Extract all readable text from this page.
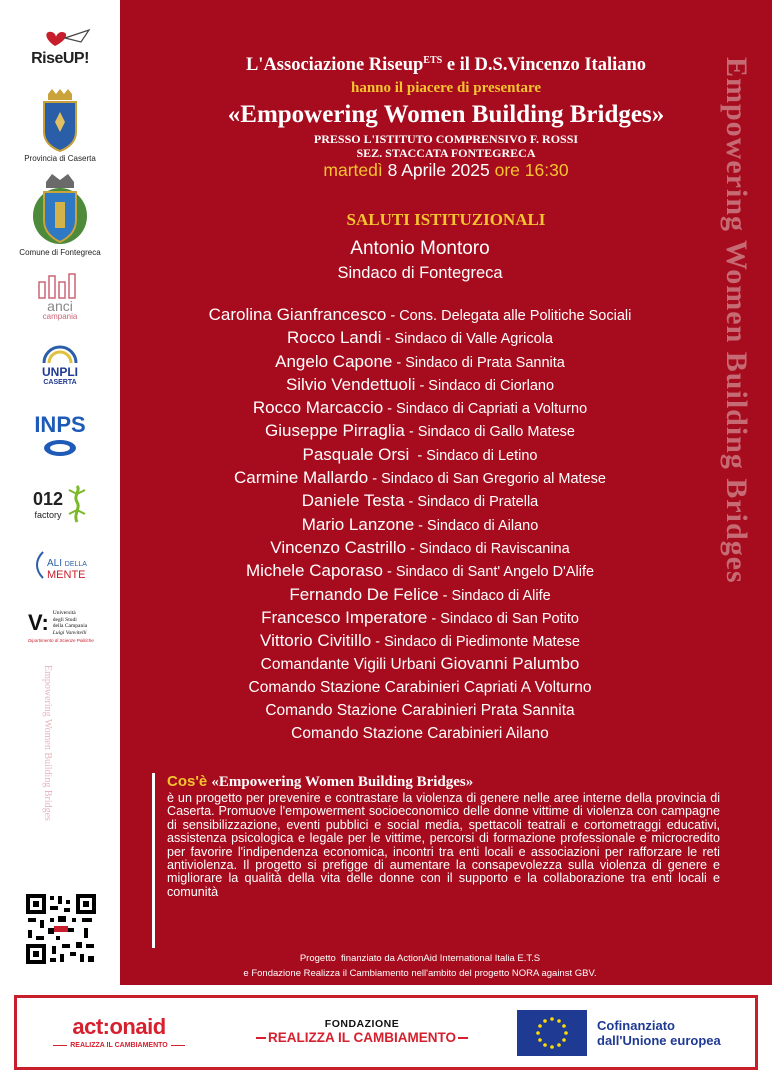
RiseUP!
Provincia di Caserta
Comune di Fontegreca
anci
campania
UNPLI
CASERTA
INPS
012
factory
ALI DELLA
MENTE
V: Università
degli Studi
della Campania
Luigi Vanvitelli
Dipartimento di Scienze Politiche
Empowering Women Building Bridges
L'Associazione Riseup$^{ETS}$ e il D.S.Vincenzo Italiano
hanno il piacere di presentare
«Empowering Women Building Bridges»
PRESSO L'ISTITUTO COMPRENSIVO F. ROSSI
SEZ. STACCATA FONTEGRECA
martedì 8 Aprile 2025 ore 16:30
SALUTI ISTITUZIONALI
Antonio Montoro
Sindaco di Fontegreca
Carolina Gianfrancesco - Cons. Delegata alle Politiche Sociali
Rocco Landi - Sindaco di Valle Agricola
Angelo Capone - Sindaco di Prata Sannita
Silvio Vendettuoli - Sindaco di Ciorlano
Rocco Marcaccio - Sindaco di Capriati a Volturno
Giuseppe Pirraglia - Sindaco di Gallo Matese
Pasquale Orsi  - Sindaco di Letino
Carmine Mallardo - Sindaco di San Gregorio al Matese
Daniele Testa - Sindaco di Pratella
Mario Lanzone - Sindaco di Ailano
Vincenzo Castrillo - Sindaco di Raviscanina
Michele Caporaso - Sindaco di Sant' Angelo D'Alife
Fernando De Felice - Sindaco di Alife
Francesco Imperatore - Sindaco di San Potito
Vittorio Civitillo - Sindaco di Piedimonte Matese
Comandante Vigili Urbani Giovanni Palumbo
Comando Stazione Carabinieri Capriati A Volturno
Comando Stazione Carabinieri Prata Sannita
Comando Stazione Carabinieri Ailano
Cos'è «Empowering Women Building Bridges»

è un progetto per prevenire e contrastare la violenza di genere nelle aree interne della provincia di Caserta. Promuove l'empowerment socioeconomico delle donne vittime di violenza con campagne di sensibilizzazione, eventi pubblici e social media, spettacoli teatrali e cortometraggi educativi, assistenza psicologica e legale per le vittime, percorsi di formazione professionale e microcredito per favorire l'indipendenza economica, incontri tra enti locali e associazioni per rafforzare le reti antiviolenza. Il progetto si prefigge di aumentare la consapevolezza sulla violenza di genere e migliorare la qualità della vita delle donne con il supporto e la collaborazione tra enti locali e comunità

Progetto  finanziato da ActionAid International Italia E.T.S
e Fondazione Realizza il Cambiamento nell'ambito del progetto NORA against GBV.
Empowering Women Building Bridges
act:onaid
REALIZZA IL CAMBIAMENTO
FONDAZIONE
REALIZZA IL CAMBIAMENTO
Cofinanziato
dall'Unione europea
